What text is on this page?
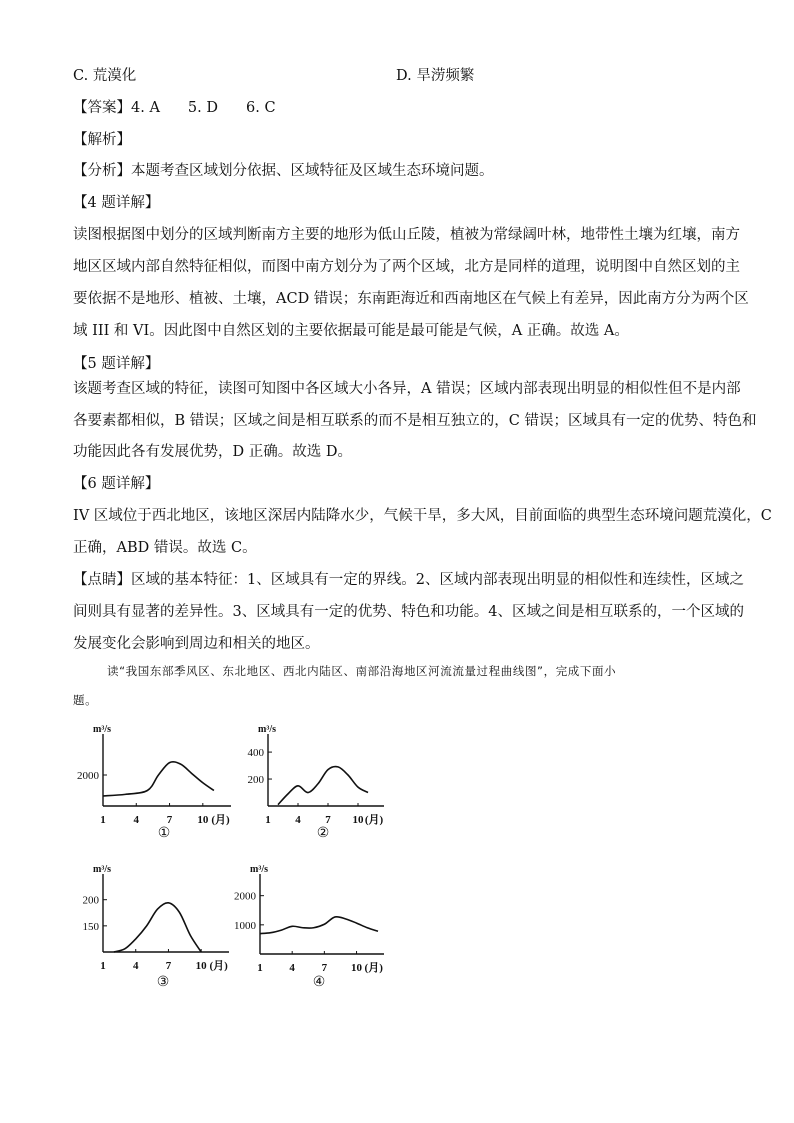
C. 荒漠化	D. 旱涝频繁
【答案】4. A 5. D 6. C
【解析】
【分析】本题考查区域划分依据、区域特征及区域生态环境问题。
【4 题详解】
读图根据图中划分的区域判断南方主要的地形为低山丘陵，植被为常绿阔叶林，地带性土壤为红壤，南方
地区区域内部自然特征相似，而图中南方划分为了两个区域，北方是同样的道理，说明图中自然区划的主
要依据不是地形、植被、土壤，ACD 错误；东南距海近和西南地区在气候上有差异，因此南方分为两个区
域 III 和 VI。因此图中自然区划的主要依据最可能是最可能是气候，A 正确。故选 A。
【5 题详解】
该题考查区域的特征，读图可知图中各区域大小各异，A 错误；区域内部表现出明显的相似性但不是内部
各要素都相似，B 错误；区域之间是相互联系的而不是相互独立的，C 错误；区域具有一定的优势、特色和
功能因此各有发展优势，D 正确。故选 D。
【6 题详解】
IV 区域位于西北地区，该地区深居内陆降水少，气候干旱，多大风，目前面临的典型生态环境问题荒漠化，C
正确，ABD 错误。故选 C。
【点睛】区域的基本特征：1、区域具有一定的界线。2、区域内部表现出明显的相似性和连续性，区域之
间则具有显著的差异性。3、区域具有一定的优势、特色和功能。4、区域之间是相互联系的，一个区域的
发展变化会影响到周边和相关的地区。
读“我国东部季风区、东北地区、西北内陆区、南部沿海地区河流流量过程曲线图”，完成下面小
题。
m³/s
2000
1	4	7 10 (月)
①
m³/s
200
400
1 4 7 10 (月)
②
m³/s
150
200
1 4 7 10 (月)
③
m³/s
1000
2000
1 4 7 10 (月)
④
